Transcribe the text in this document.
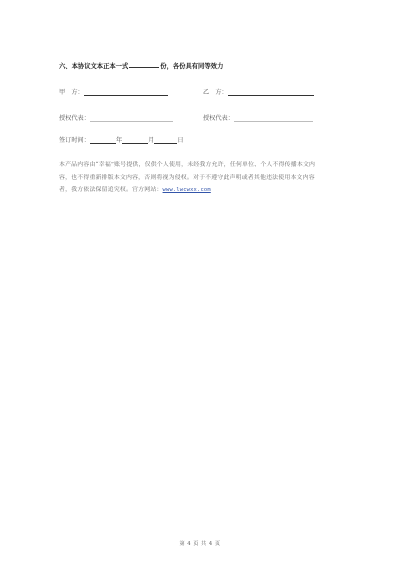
六、本协议文本正本一式	份，各份具有同等效力
甲　方：	乙　方：
授权代表：	授权代表：
签订时间：	年	月	日

本产品内容由“幸福”账号提供，仅供个人使用，未经我方允许，任何单位、个人不得传播本文内容，也不得重新排版本文内容，否则将视为侵权。对于不遵守此声明或者其他违法使用本文内容者，我方依法保留追究权。官方网站：www.lwcwxx.com

第 4 页 共 4 页
